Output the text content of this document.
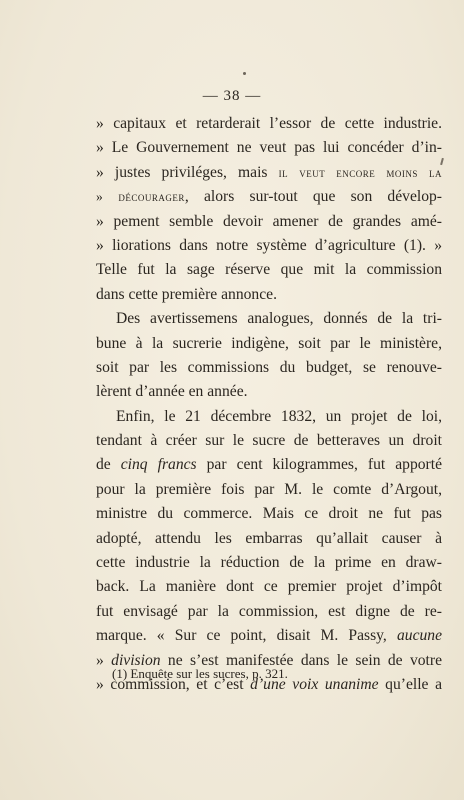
— 38 —
» capitaux et retarderait l’essor de cette industrie.
» Le Gouvernement ne veut pas lui concéder d’in-
» justes priviléges, mais il veut encore moins la
» décourager, alors sur-tout que son dévelop-
» pement semble devoir amener de grandes amé-
» liorations dans notre système d’agriculture (1). »
Telle fut la sage réserve que mit la commission
dans cette première annonce.
Des avertissemens analogues, donnés de la tri-
bune à la sucrerie indigène, soit par le ministère,
soit par les commissions du budget, se renouve-
lèrent d’année en année.
Enfin, le 21 décembre 1832, un projet de loi,
tendant à créer sur le sucre de betteraves un droit
de cinq francs par cent kilogrammes, fut apporté
pour la première fois par M. le comte d’Argout,
ministre du commerce. Mais ce droit ne fut pas
adopté, attendu les embarras qu’allait causer à
cette industrie la réduction de la prime en draw-
back. La manière dont ce premier projet d’impôt
fut envisagé par la commission, est digne de re-
marque. « Sur ce point, disait M. Passy, aucune
» division ne s’est manifestée dans le sein de votre
» commission, et c’est d’une voix unanime qu’elle a
(1) Enquête sur les sucres, p. 321.
